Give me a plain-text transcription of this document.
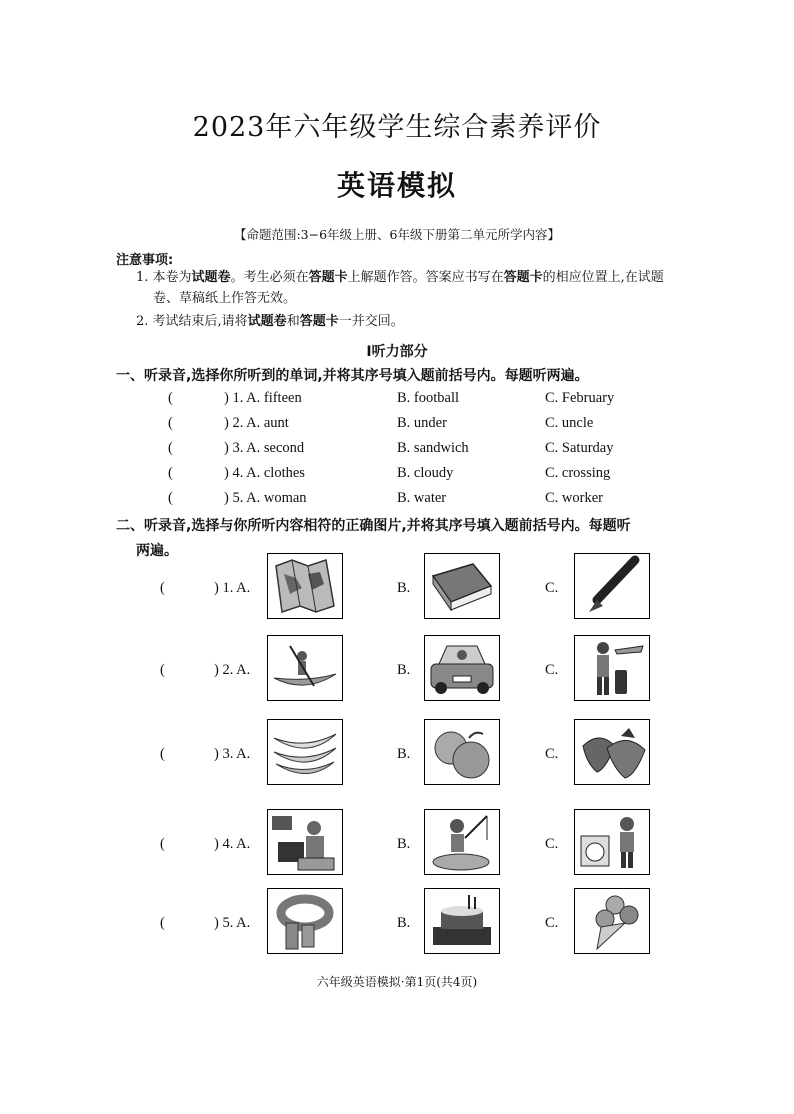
2023年六年级学生综合素养评价
英语模拟
【命题范围:3−6年级上册、6年级下册第二单元所学内容】
注意事项:
1. 本卷为试题卷。考生必须在答题卡上解题作答。答案应书写在答题卡的相应位置上,在试题
卷、草稿纸上作答无效。
2. 考试结束后,请将试题卷和答题卡一并交回。
Ⅰ听力部分
一、听录音,选择你所听到的单词,并将其序号填入题前括号内。每题听两遍。
(	) 1. A. fifteen	B. football	C. February
(	) 2. A. aunt	B. under	C. uncle
(	) 3. A. second	B. sandwich	C. Saturday
(	) 4. A. clothes	B. cloudy	C. crossing
(	) 5. A. woman	B. water	C. worker
二、听录音,选择与你所听内容相符的正确图片,并将其序号填入题前括号内。每题听
两遍。
(	) 1. A.	B.	C.
(	) 2. A.	B.	C.
(	) 3. A.	B.	C.
(	) 4. A.	B.	C.
(	) 5. A.	B.	C.
六年级英语模拟·第1页(共4页)
